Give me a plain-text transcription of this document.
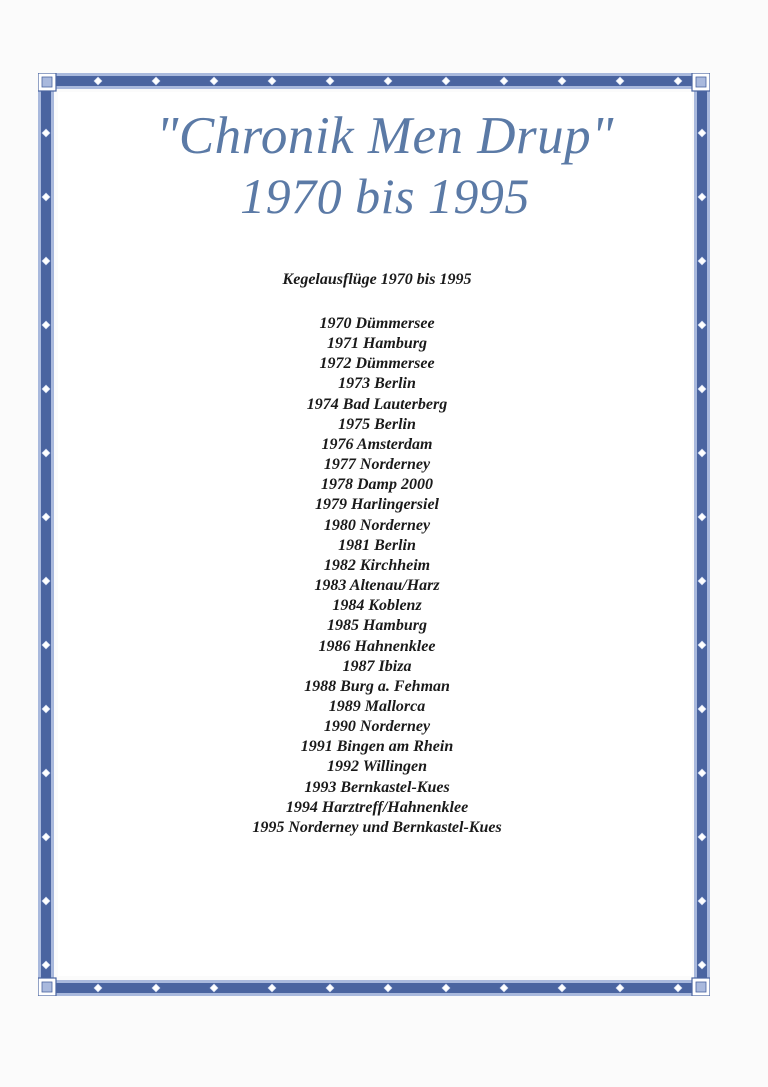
"Chronik Men Drup"
1970 bis 1995
Kegelausflüge 1970 bis 1995
1970 Dümmersee
1971 Hamburg
1972 Dümmersee
1973 Berlin
1974 Bad Lauterberg
1975 Berlin
1976 Amsterdam
1977 Norderney
1978 Damp 2000
1979 Harlingersiel
1980 Norderney
1981 Berlin
1982 Kirchheim
1983 Altenau/Harz
1984 Koblenz
1985 Hamburg
1986 Hahnenklee
1987 Ibiza
1988 Burg a. Fehman
1989 Mallorca
1990 Norderney
1991 Bingen am Rhein
1992 Willingen
1993 Bernkastel-Kues
1994 Harztreff/Hahnenklee
1995 Norderney und Bernkastel-Kues
